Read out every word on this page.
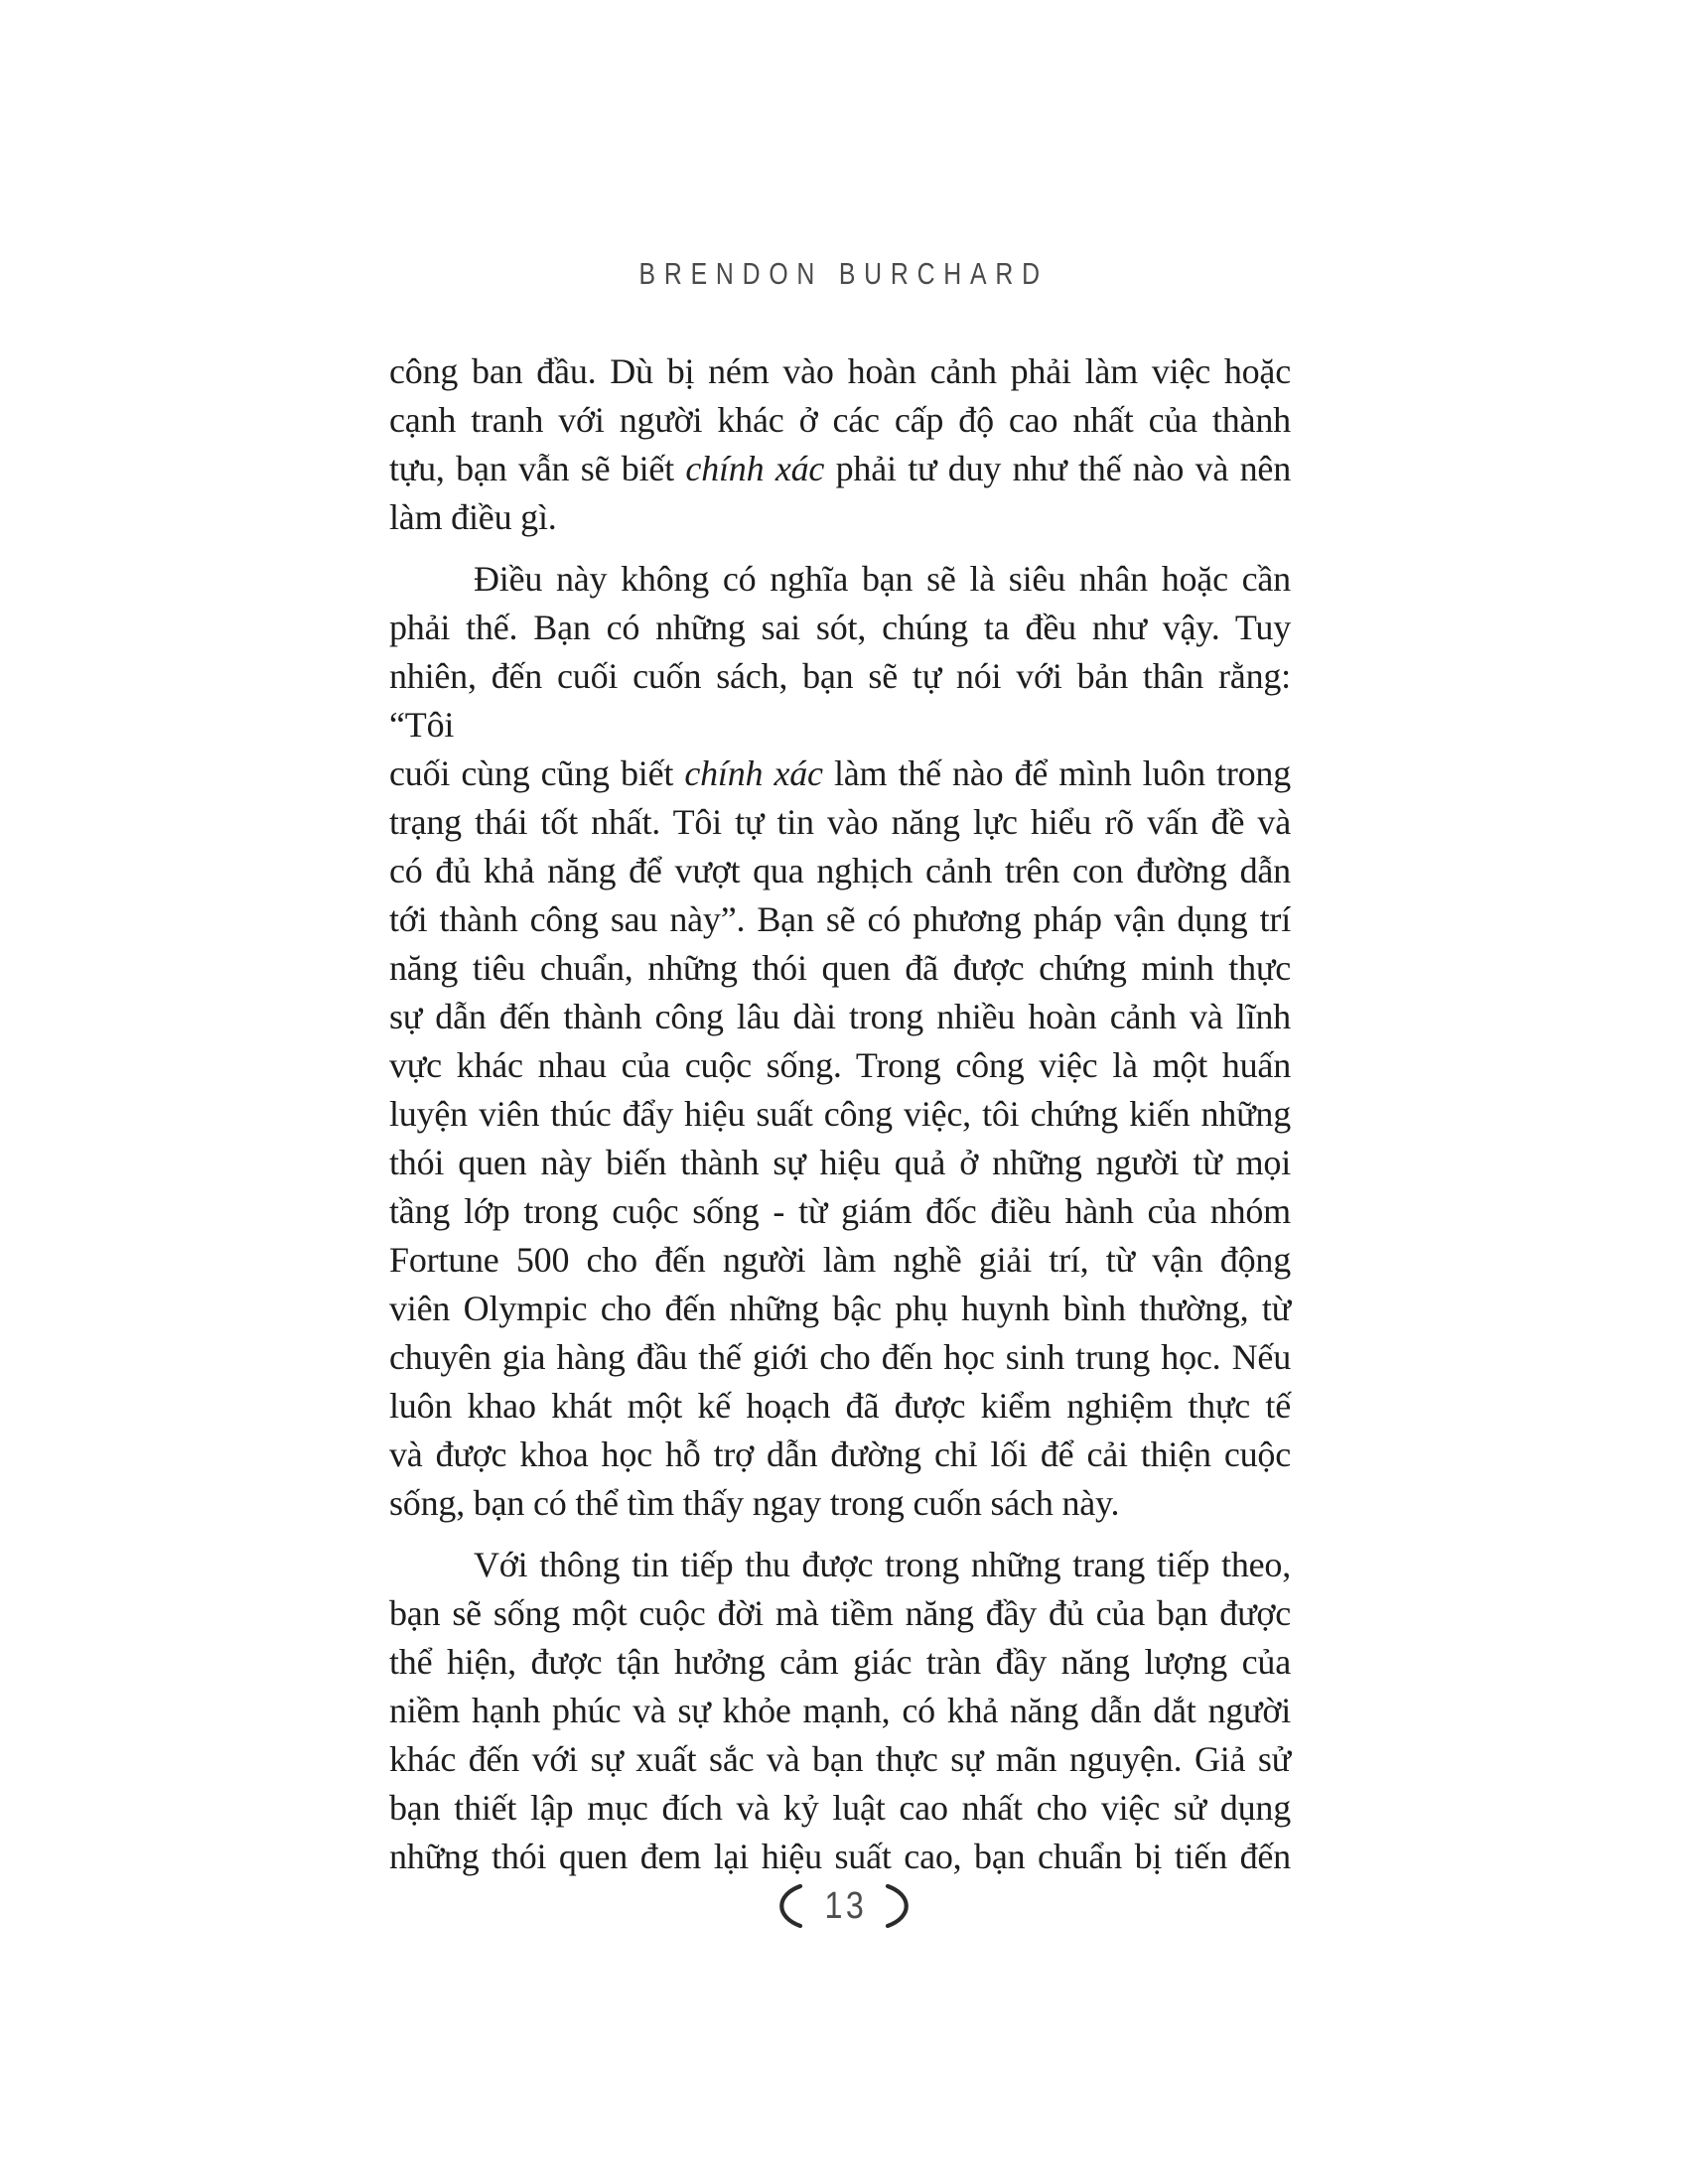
BRENDON BURCHARD
công ban đầu. Dù bị ném vào hoàn cảnh phải làm việc hoặc
cạnh tranh với người khác ở các cấp độ cao nhất của thành
tựu, bạn vẫn sẽ biết chính xác phải tư duy như thế nào và nên
làm điều gì.
Điều này không có nghĩa bạn sẽ là siêu nhân hoặc cần
phải thế. Bạn có những sai sót, chúng ta đều như vậy. Tuy
nhiên, đến cuối cuốn sách, bạn sẽ tự nói với bản thân rằng: “Tôi
cuối cùng cũng biết chính xác làm thế nào để mình luôn trong
trạng thái tốt nhất. Tôi tự tin vào năng lực hiểu rõ vấn đề và
có đủ khả năng để vượt qua nghịch cảnh trên con đường dẫn
tới thành công sau này”. Bạn sẽ có phương pháp vận dụng trí
năng tiêu chuẩn, những thói quen đã được chứng minh thực
sự dẫn đến thành công lâu dài trong nhiều hoàn cảnh và lĩnh
vực khác nhau của cuộc sống. Trong công việc là một huấn
luyện viên thúc đẩy hiệu suất công việc, tôi chứng kiến những
thói quen này biến thành sự hiệu quả ở những người từ mọi
tầng lớp trong cuộc sống - từ giám đốc điều hành của nhóm
Fortune 500 cho đến người làm nghề giải trí, từ vận động
viên Olympic cho đến những bậc phụ huynh bình thường, từ
chuyên gia hàng đầu thế giới cho đến học sinh trung học. Nếu
luôn khao khát một kế hoạch đã được kiểm nghiệm thực tế
và được khoa học hỗ trợ dẫn đường chỉ lối để cải thiện cuộc
sống, bạn có thể tìm thấy ngay trong cuốn sách này.
Với thông tin tiếp thu được trong những trang tiếp theo,
bạn sẽ sống một cuộc đời mà tiềm năng đầy đủ của bạn được
thể hiện, được tận hưởng cảm giác tràn đầy năng lượng của
niềm hạnh phúc và sự khỏe mạnh, có khả năng dẫn dắt người
khác đến với sự xuất sắc và bạn thực sự mãn nguyện. Giả sử
bạn thiết lập mục đích và kỷ luật cao nhất cho việc sử dụng
những thói quen đem lại hiệu suất cao, bạn chuẩn bị tiến đến
13
